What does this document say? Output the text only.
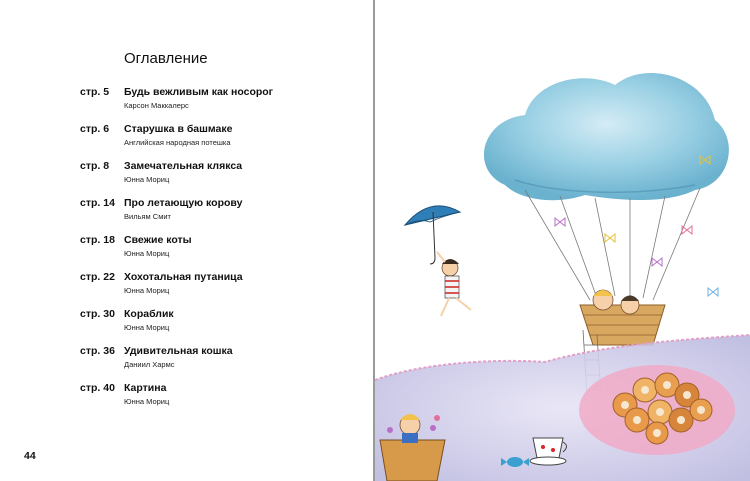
Оглавление
стр. 5 Будь вежливым как носорог
Карсон Маккалерс
стр. 6 Старушка в башмаке
Английская народная потешка
стр. 8 Замечательная клякса
Юнна Мориц
стр. 14 Про летающую корову
Вильям Смит
стр. 18 Свежие коты
Юнна Мориц
стр. 22 Хохотальная путаница
Юнна Мориц
стр. 30 Кораблик
Юнна Мориц
стр. 36 Удивительная кошка
Даниил Хармс
стр. 40 Картина
Юнна Мориц
44
